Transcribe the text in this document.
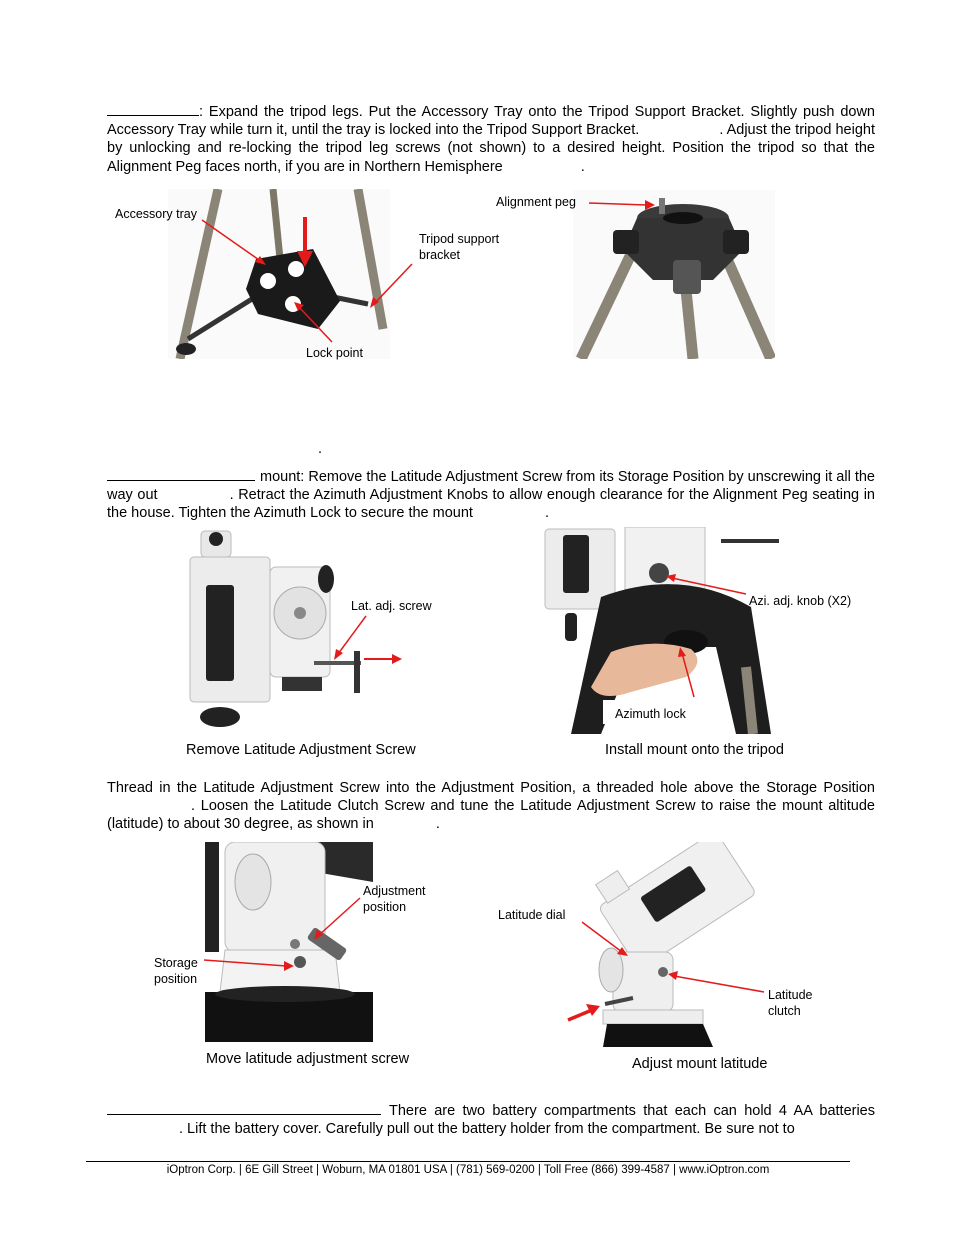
: Expand the tripod legs. Put the Accessory Tray onto the Tripod Support Bracket. Slightly push down Accessory Tray while turn it, until the tray is locked into the Tripod Support Bracket.	. Adjust the tripod height by unlocking and re-locking the tripod leg screws (not shown) to a desired height. Position the tripod so that the Alignment Peg faces north, if you are in Northern Hemisphere	.

Accessory tray
Tripod support
bracket
Lock point
Alignment peg
.

mount: Remove the Latitude Adjustment Screw from its Storage Position by unscrewing it all the way out	. Retract the Azimuth Adjustment Knobs to allow enough clearance for the Alignment Peg seating in the house. Tighten the Azimuth Lock to secure the mount	.

Lat. adj. screw	Azi. adj. knob (X2)
Azimuth lock
Remove Latitude Adjustment Screw	Install mount onto the tripod

Thread in the Latitude Adjustment Screw into the Adjustment Position, a threaded hole above the Storage Position. Loosen the Latitude Clutch Screw and tune the Latitude Adjustment Screw to raise the mount altitude (latitude) to about 30 degree, as shown in	.

Adjustment
position
Storage
position
Move latitude adjustment screw
Latitude dial
Latitude
clutch
Adjust mount latitude

There are two battery compartments that each can hold 4 AA batteries. Lift the battery cover. Carefully pull out the battery holder from the compartment. Be sure not to

iOptron Corp. | 6E Gill Street | Woburn, MA 01801 USA | (781) 569-0200 | Toll Free (866) 399-4587 | www.iOptron.com
